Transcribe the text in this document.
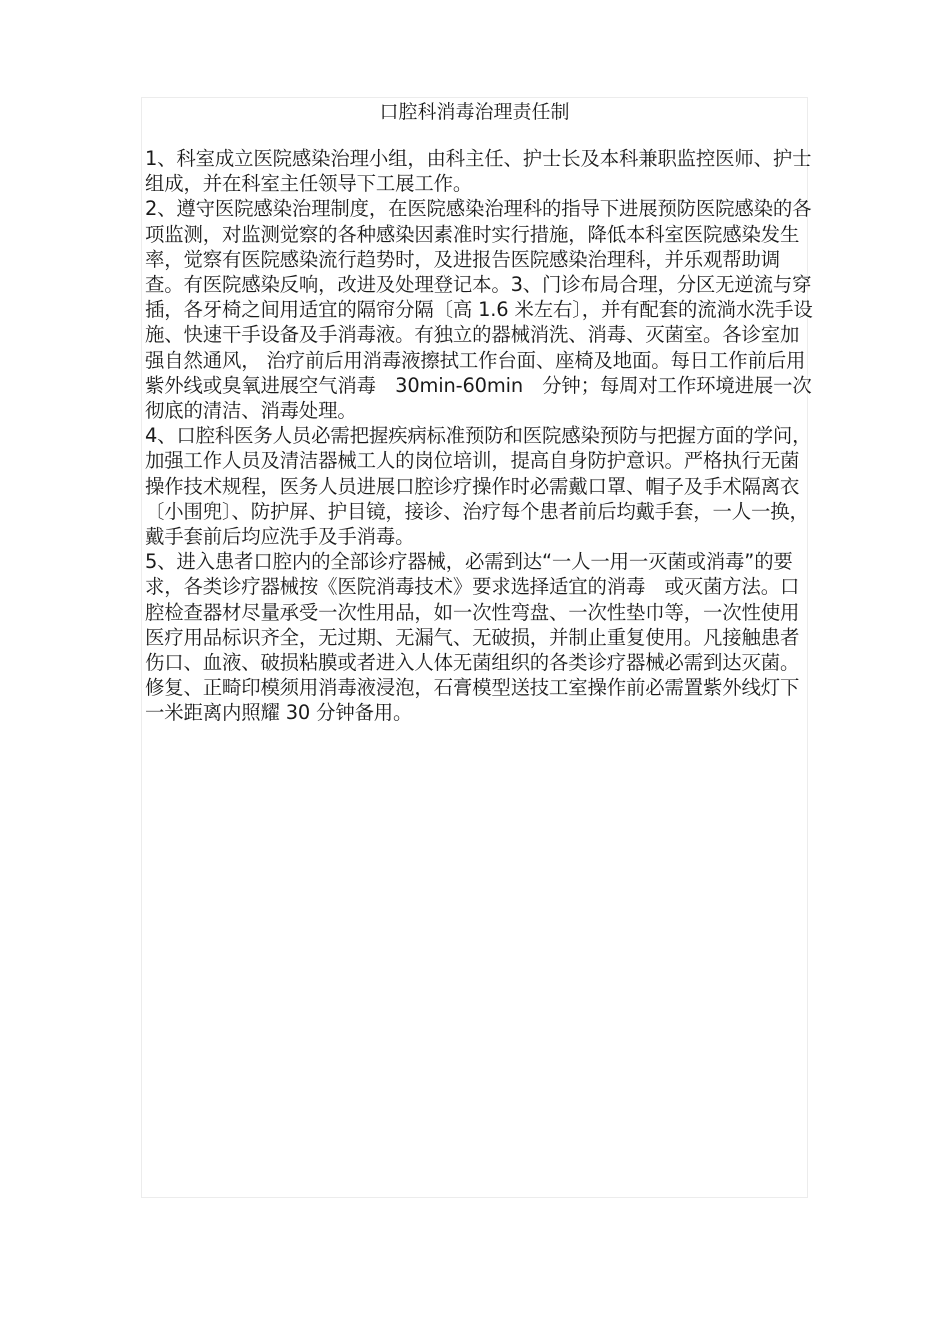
口腔科消毒治理责任制

1、科室成立医院感染治理小组，由科主任、护士长及本科兼职监控医师、护士组成，并在科室主任领导下工展工作。

2、遵守医院感染治理制度，在医院感染治理科的指导下进展预防医院感染的各项监测，对监测觉察的各种感染因素准时实行措施，降低本科室医院感染发生率，觉察有医院感染流行趋势时，及进报告医院感染治理科，并乐观帮助调查。有医院感染反响，改进及处理登记本。3、门诊布局合理，分区无逆流与穿插，各牙椅之间用适宜的隔帘分隔〔高 1.6 米左右〕，并有配套的流淌水洗手设施、快速干手设备及手消毒液。有独立的器械消洗、消毒、灭菌室。各诊室加强自然通风， 治疗前后用消毒液擦拭工作台面、座椅及地面。每日工作前后用紫外线或臭氧进展空气消毒　30min-60min　分钟；每周对工作环境进展一次彻底的清洁、消毒处理。

4、口腔科医务人员必需把握疾病标准预防和医院感染预防与把握方面的学问，加强工作人员及清洁器械工人的岗位培训，提高自身防护意识。严格执行无菌操作技术规程，医务人员进展口腔诊疗操作时必需戴口罩、帽子及手术隔离衣〔小围兜〕、防护屏、护目镜，接诊、治疗每个患者前后均戴手套，一人一换，戴手套前后均应洗手及手消毒。

5、进入患者口腔内的全部诊疗器械，必需到达“一人一用一灭菌或消毒”的要求，各类诊疗器械按《医院消毒技术》要求选择适宜的消毒　或灭菌方法。口腔检查器材尽量承受一次性用品，如一次性弯盘、一次性垫巾等，一次性使用医疗用品标识齐全，无过期、无漏气、无破损，并制止重复使用。凡接触患者伤口、血液、破损粘膜或者进入人体无菌组织的各类诊疗器械必需到达灭菌。修复、正畸印模须用消毒液浸泡，石膏模型送技工室操作前必需置紫外线灯下一米距离内照耀 30 分钟备用。
